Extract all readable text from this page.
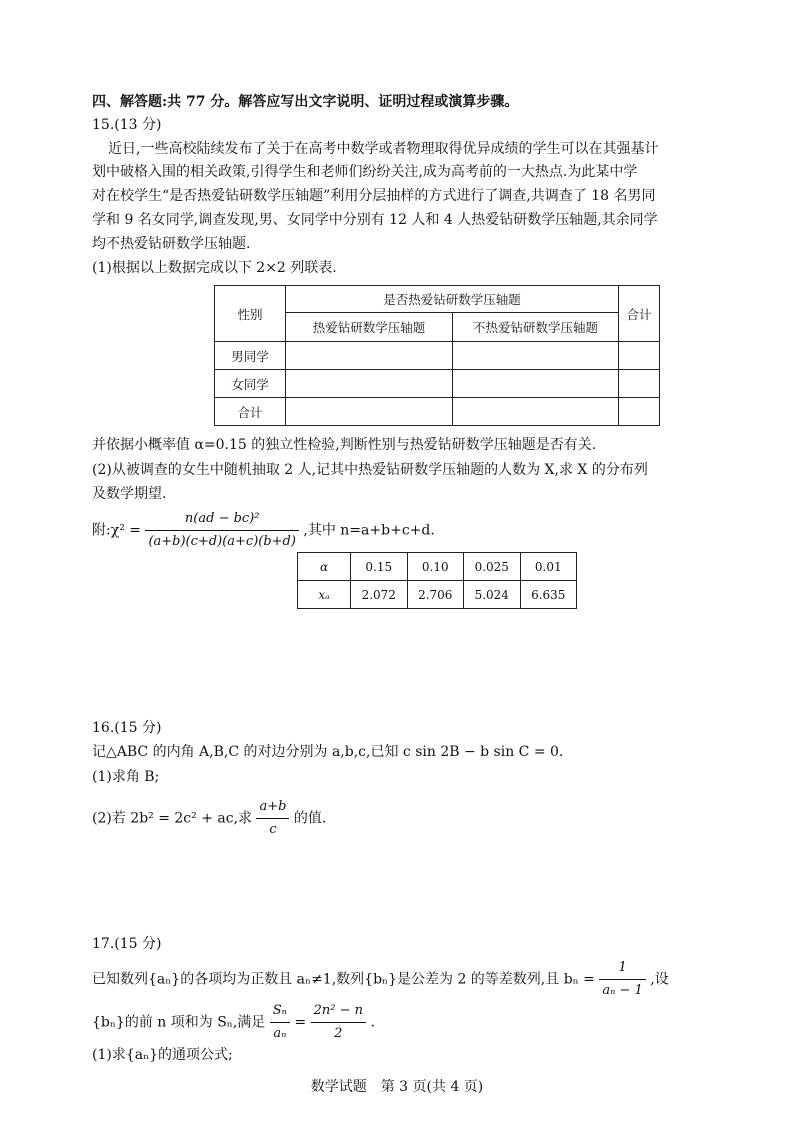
四、解答题:共 77 分。解答应写出文字说明、证明过程或演算步骤。
15.(13 分)
近日,一些高校陆续发布了关于在高考中数学或者物理取得优异成绩的学生可以在其强基计
划中破格入围的相关政策,引得学生和老师们纷纷关注,成为高考前的一大热点.为此某中学
对在校学生“是否热爱钻研数学压轴题”利用分层抽样的方式进行了调查,共调查了 18 名男同
学和 9 名女同学,调查发现,男、女同学中分别有 12 人和 4 人热爱钻研数学压轴题,其余同学
均不热爱钻研数学压轴题.
(1)根据以上数据完成以下 2×2 列联表.
性别	是否热爱钻研数学压轴题		合计
	热爱钻研数学压轴题	不热爱钻研数学压轴题	
男同学			
女同学			
合计			
并依据小概率值 α=0.15 的独立性检验,判断性别与热爱钻研数学压轴题是否有关.
(2)从被调查的女生中随机抽取 2 人,记其中热爱钻研数学压轴题的人数为 X,求 X 的分布列
及数学期望.
附:χ² = $\frac{\text{n(ad − bc)²}}{(a+b)(c+d)(a+c)(b+d)}$ ,其中 n=a+b+c+d.
α	0.15	0.10	0.025	0.01
xₐ	2.072	2.706	5.024	6.635
16.(15 分)
记△ABC 的内角 A,B,C 的对边分别为 a,b,c,已知 c sin 2B − b sin C = 0.
(1)求角 B;
(2)若 2b² = 2c² + ac,求 $\frac{a+b}{c}$ 的值.
17.(15 分)
已知数列{aₙ}的各项均为正数且 aₙ≠1,数列{bₙ}是公差为 2 的等差数列,且 $b_n = \frac{1}{\text{aₙ − 1}}$ ,设
{bₙ}的前 n 项和为 Sₙ,满足 $\frac{\text{Sₙ}}{\text{aₙ}} = \frac{\text{2n² − n}}{2}$ .
(1)求{aₙ}的通项公式;
数学试题　第 3 页(共 4 页)
